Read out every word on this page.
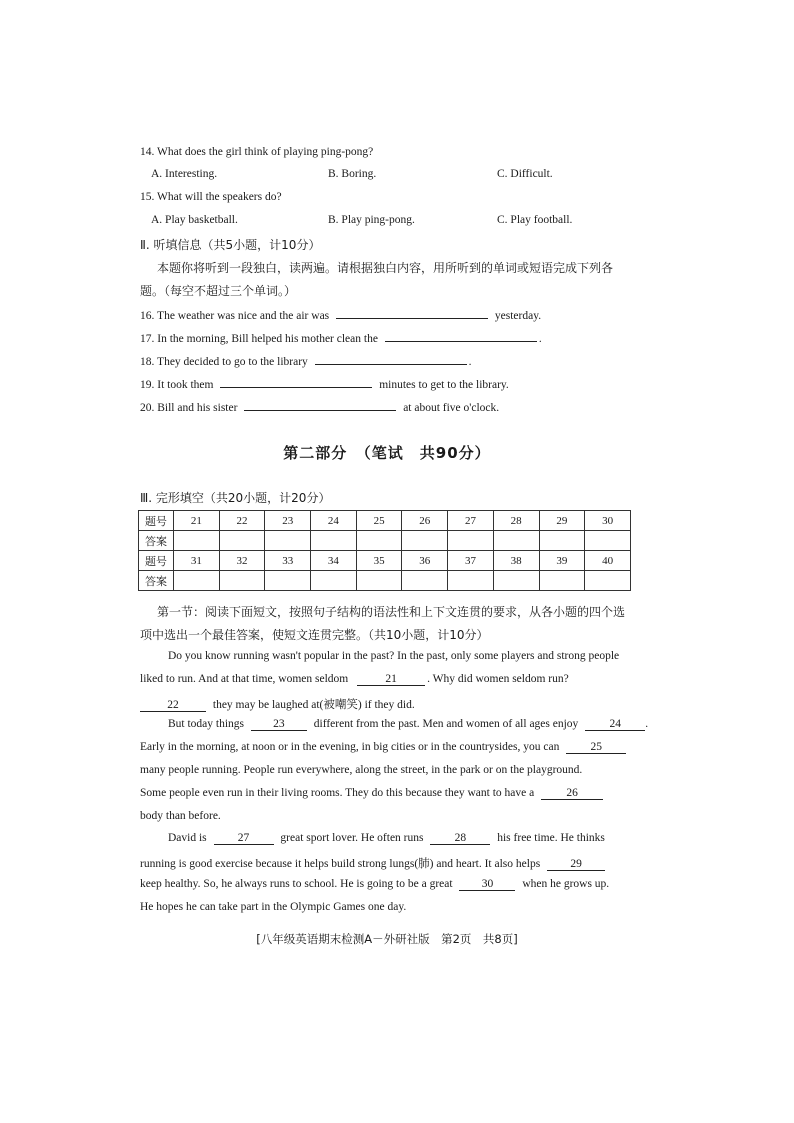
14. What does the girl think of playing ping-pong?
A. Interesting.	B. Boring.	C. Difficult.
15. What will the speakers do?
A. Play basketball.	B. Play ping-pong.	C. Play football.
Ⅱ. 听填信息（共5小题，计10分）
本题你将听到一段独白，读两遍。请根据独白内容，用所听到的单词或短语完成下列各
题。（每空不超过三个单词。）
16. The weather was nice and the air was	yesterday.
17. In the morning, Bill helped his mother clean the	.
18. They decided to go to the library	.
19. It took them	minutes to get to the library.
20. Bill and his sister	at about five o'clock.
第二部分　（笔试　共90分）
Ⅲ. 完形填空（共20小题，计20分）
题号	21	22	23	24	25	26	27	28	29	30
答案										
题号	31	32	33	34	35	36	37	38	39	40
答案										
第一节：阅读下面短文，按照句子结构的语法性和上下文连贯的要求，从各小题的四个选
项中选出一个最佳答案，使短文连贯完整。（共10小题，计10分）
Do you know running wasn't popular in the past? In the past, only some players and strong people
liked to run. And at that time, women seldom	21	. Why did women seldom run?
22	they may be laughed at(被嘲笑) if they did.
But today things	23	different from the past. Men and women of all ages enjoy	24 .
Early in the morning, at noon or in the evening, in big cities or in the countrysides, you can	25
many people running. People run everywhere, along the street, in the park or on the playground.
Some people even run in their living rooms. They do this because they want to have a	26
body than before.
David is	27	great sport lover. He often runs	28	his free time. He thinks
running is good exercise because it helps build strong lungs(肺) and heart. It also helps	29
keep healthy. So, he always runs to school. He is going to be a great	30	when he grows up.
He hopes he can take part in the Olympic Games one day.
[八年级英语期末检测A－外研社版　第2页　共8页]
